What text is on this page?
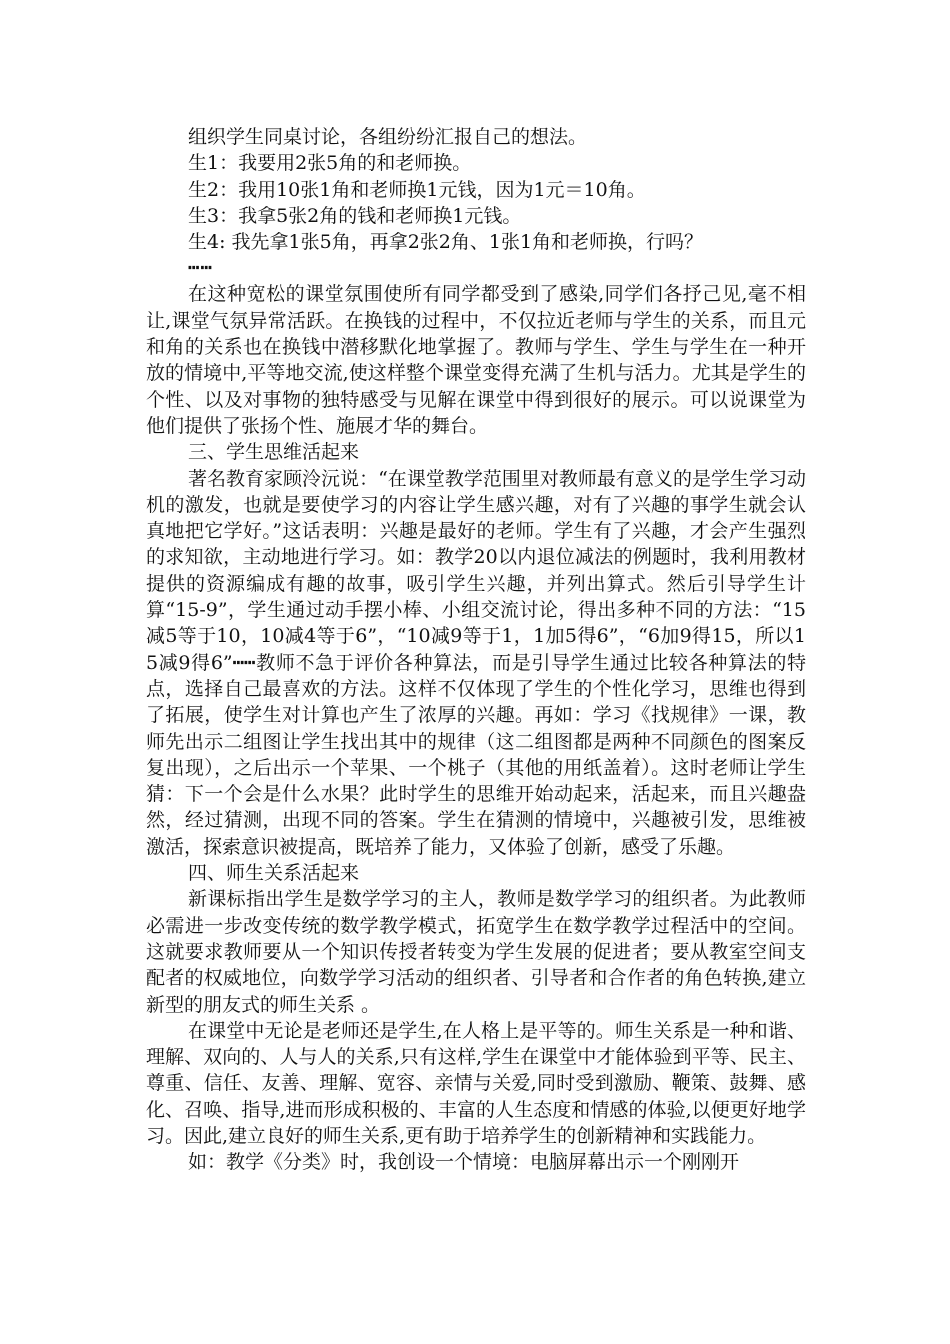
组织学生同桌讨论，各组纷纷汇报自己的想法。

生1：我要用2张5角的和老师换。

生2：我用10张1角和老师换1元钱，因为1元＝10角。

生3：我拿5张2角的钱和老师换1元钱。

生4: 我先拿1张5角，再拿2张2角、1张1角和老师换，行吗？

┅┅

在这种宽松的课堂氛围使所有同学都受到了感染,同学们各抒己见,毫不相让,课堂气氛异常活跃。在换钱的过程中，不仅拉近老师与学生的关系，而且元和角的关系也在换钱中潜移默化地掌握了。教师与学生、学生与学生在一种开放的情境中,平等地交流,使这样整个课堂变得充满了生机与活力。尤其是学生的个性、以及对事物的独特感受与见解在课堂中得到很好的展示。可以说课堂为他们提供了张扬个性、施展才华的舞台。

三、学生思维活起来

著名教育家顾泠沅说：“在课堂教学范围里对教师最有意义的是学生学习动机的激发，也就是要使学习的内容让学生感兴趣，对有了兴趣的事学生就会认真地把它学好。”这话表明：兴趣是最好的老师。学生有了兴趣，才会产生强烈的求知欲，主动地进行学习。如：教学20以内退位减法的例题时，我利用教材提供的资源编成有趣的故事，吸引学生兴趣，并列出算式。然后引导学生计算“15-9”，学生通过动手摆小棒、小组交流讨论，得出多种不同的方法：“15减5等于10，10减4等于6”，“10减9等于1，1加5得6”，“6加9得15，所以15减9得6”┅┅教师不急于评价各种算法，而是引导学生通过比较各种算法的特点，选择自己最喜欢的方法。这样不仅体现了学生的个性化学习，思维也得到了拓展，使学生对计算也产生了浓厚的兴趣。再如：学习《找规律》一课，教师先出示二组图让学生找出其中的规律（这二组图都是两种不同颜色的图案反复出现），之后出示一个苹果、一个桃子（其他的用纸盖着）。这时老师让学生猜：下一个会是什么水果？此时学生的思维开始动起来，活起来，而且兴趣盎然，经过猜测，出现不同的答案。学生在猜测的情境中，兴趣被引发，思维被激活，探索意识被提高，既培养了能力，又体验了创新，感受了乐趣。

四、师生关系活起来

新课标指出学生是数学学习的主人，教师是数学学习的组织者。为此教师必需进一步改变传统的数学教学模式，拓宽学生在数学教学过程活中的空间。这就要求教师要从一个知识传授者转变为学生发展的促进者；要从教室空间支配者的权威地位，向数学学习活动的组织者、引导者和合作者的角色转换,建立新型的朋友式的师生关系 。

在课堂中无论是老师还是学生,在人格上是平等的。师生关系是一种和谐、理解、双向的、人与人的关系,只有这样,学生在课堂中才能体验到平等、民主、尊重、信任、友善、理解、宽容、亲情与关爱,同时受到激励、鞭策、鼓舞、感化、召唤、指导,进而形成积极的、丰富的人生态度和情感的体验,以便更好地学习。因此,建立良好的师生关系,更有助于培养学生的创新精神和实践能力。

如：教学《分类》时，我创设一个情境：电脑屏幕出示一个刚刚开
